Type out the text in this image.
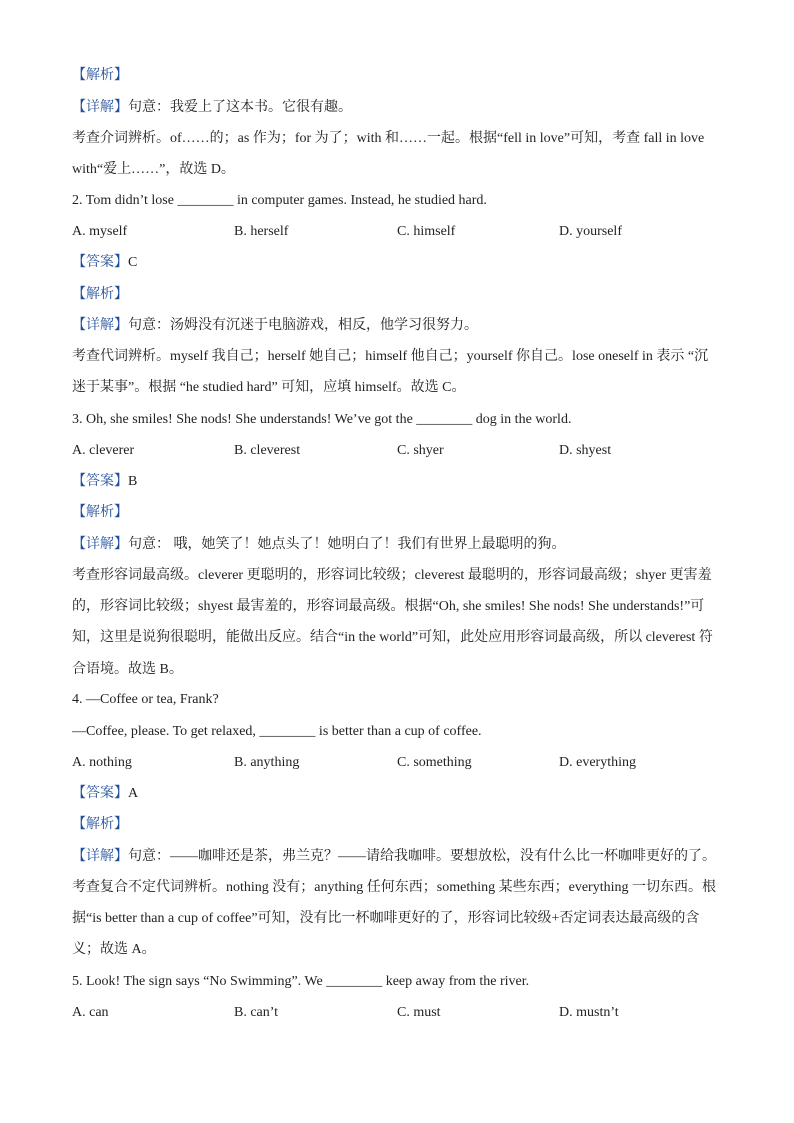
【解析】
【详解】句意：我爱上了这本书。它很有趣。
考查介词辨析。of……的；as 作为；for 为了；with 和……一起。根据“fell in love”可知，考查 fall in love
with“爱上……”，故选 D。
2. Tom didn’t lose ________ in computer games. Instead, he studied hard.
A. myself	B. herself	C. himself	D. yourself
【答案】C
【解析】
【详解】句意：汤姆没有沉迷于电脑游戏，相反，他学习很努力。
考查代词辨析。myself 我自己；herself 她自己；himself 他自己；yourself 你自己。lose oneself in 表示 “沉
迷于某事”。根据 “he studied hard” 可知，应填 himself。故选 C。
3. Oh, she smiles! She nods! She understands! We’ve got the ________ dog in the world.
A. cleverer	B. cleverest	C. shyer	D. shyest
【答案】B
【解析】
【详解】句意： 哦，她笑了！她点头了！她明白了！我们有世界上最聪明的狗。
考查形容词最高级。cleverer 更聪明的，形容词比较级；cleverest 最聪明的，形容词最高级；shyer 更害羞
的，形容词比较级；shyest 最害羞的，形容词最高级。根据“Oh, she smiles! She nods! She understands!”可
知，这里是说狗很聪明，能做出反应。结合“in the world”可知，此处应用形容词最高级，所以 cleverest 符
合语境。故选 B。
4. —Coffee or tea, Frank?
—Coffee, please. To get relaxed, ________ is better than a cup of coffee.
A. nothing	B. anything	C. something	D. everything
【答案】A
【解析】
【详解】句意：——咖啡还是茶，弗兰克？——请给我咖啡。要想放松，没有什么比一杯咖啡更好的了。
考查复合不定代词辨析。nothing 没有；anything 任何东西；something 某些东西；everything 一切东西。根
据“is better than a cup of coffee”可知，没有比一杯咖啡更好的了，形容词比较级+否定词表达最高级的含
义；故选 A。
5. Look! The sign says “No Swimming”. We ________ keep away from the river.
A. can	B. can’t	C. must	D. mustn’t
